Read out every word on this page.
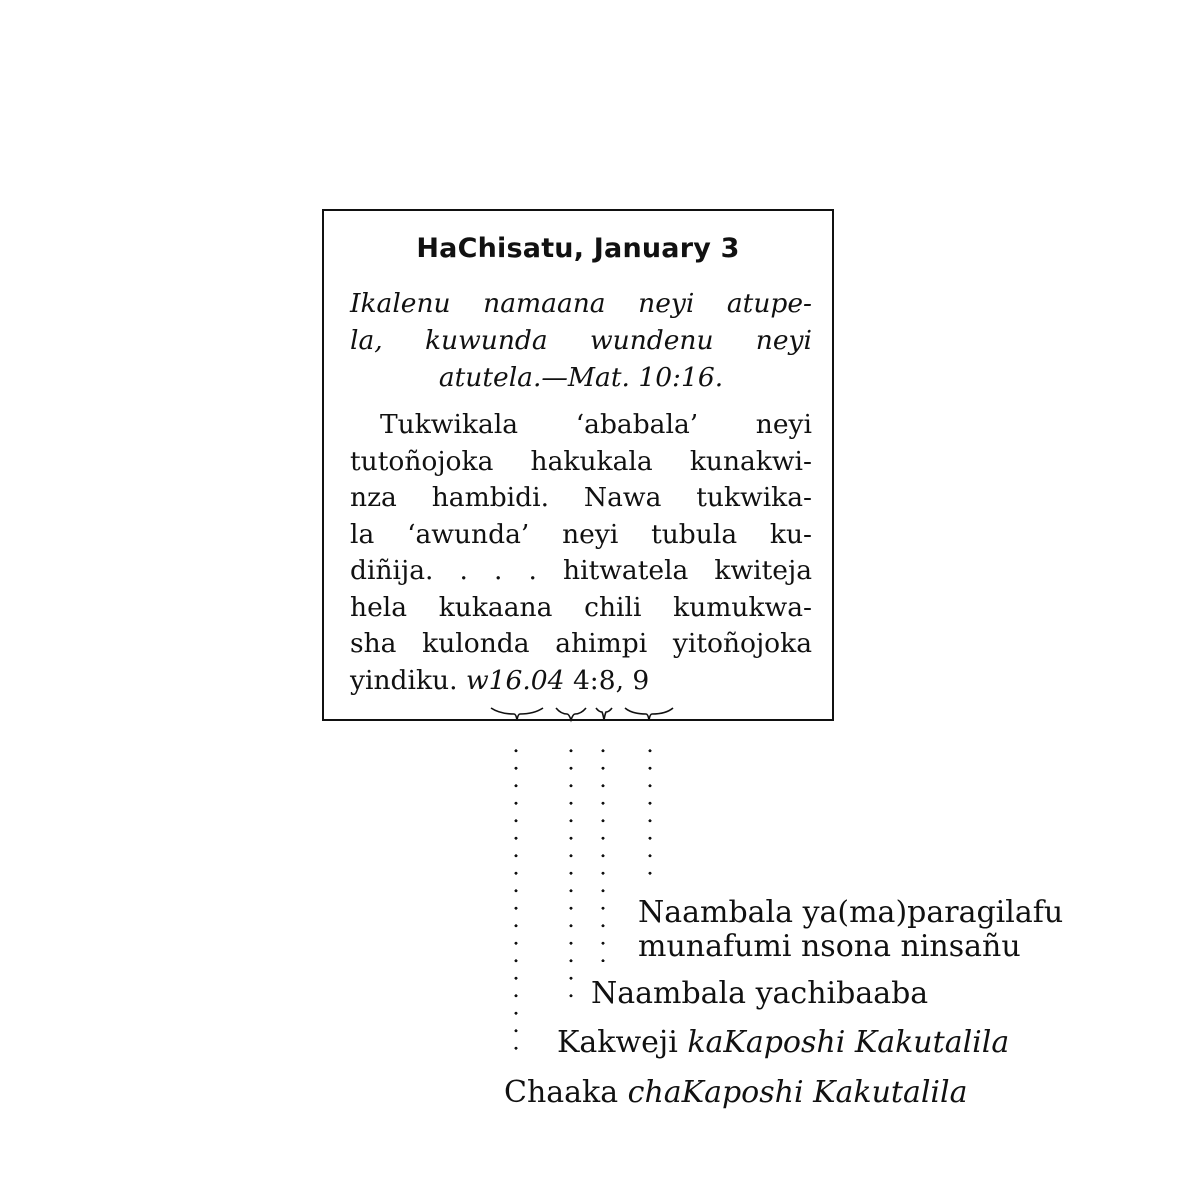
HaChisatu, January 3
Ikalenu namaana neyi atupe-
la, kuwunda wundenu neyi
atutela.—Mat. 10:16.
Tukwikala ‘ababala’ neyi
tutoñojoka hakukala kunakwi-
nza hambidi. Nawa tukwika-
la ‘awunda’ neyi tubula ku-
diñija. . . . hitwatela kwiteja
hela kukaana chili kumukwa-
sha kulonda ahimpi yitoñojoka
yindiku. w16.04 4:8, 9
Naambala ya(ma)paragilafu
munafumi nsona ninsañu
Naambala yachibaaba
Kakweji kaKaposhi Kakutalila
Chaaka chaKaposhi Kakutalila
